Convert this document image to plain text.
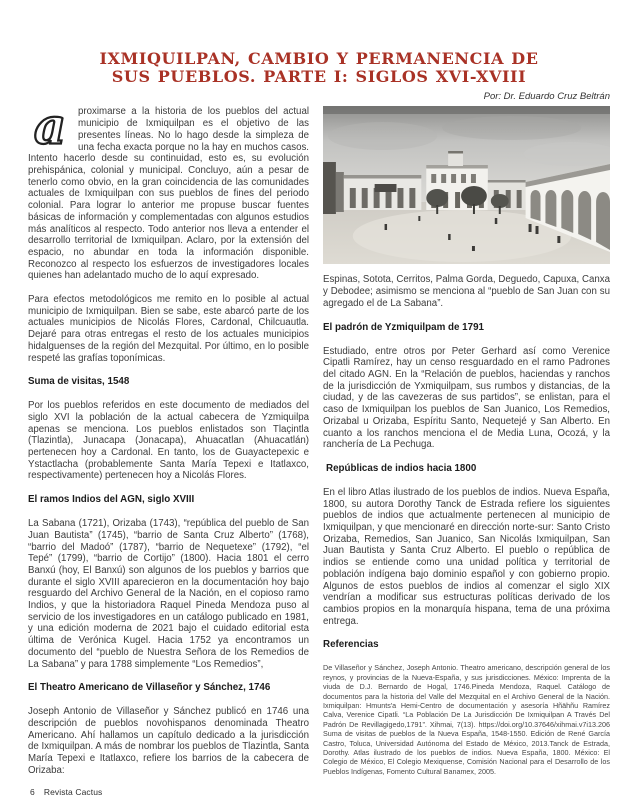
IXMIQUILPAN, CAMBIO Y PERMANENCIA DE
SUS PUEBLOS. PARTE I: SIGLOS XVI-XVIII
Por: Dr. Eduardo Cruz Beltrán

a proximarse a la historia de los pueblos del actual municipio de Ixmiquilpan es el objetivo de las presentes líneas. No lo hago desde la simpleza de una fecha exacta porque no la hay en muchos casos. Intento hacerlo desde su continuidad, esto es, su evolución prehispánica, colonial y municipal. Concluyo, aún a pesar de tenerlo como obvio, en la gran coincidencia de las comunidades actuales de Ixmiquilpan con sus pueblos de fines del periodo colonial. Para lograr lo anterior me propuse buscar fuentes básicas de información y complementadas con algunos estudios más analíticos al respecto. Todo anterior nos lleva a entender el desarrollo territorial de Ixmiquilpan. Aclaro, por la extensión del espacio, no abundar en toda la información disponible. Reconozco al respecto los esfuerzos de investigadores locales quienes han adelantado mucho de lo aquí expresado.

Para efectos metodológicos me remito en lo posible al actual municipio de Ixmiquilpan. Bien se sabe, este abarcó parte de los actuales municipios de Nicolás Flores, Cardonal, Chilcuautla. Dejaré para otras entregas el resto de los actuales municipios hidalguenses de la región del Mezquital. Por último, en lo posible respeté las grafías toponímicas.

Suma de visitas, 1548

Por los pueblos referidos en este documento de mediados del siglo XVI la población de la actual cabecera de Yzmiquilpa apenas se menciona. Los pueblos enlistados son Tlaçintla (Tlazintla), Junacapa (Jonacapa), Ahuacatlan (Ahuacatlán) pertenecen hoy a Cardonal. En tanto, los de Guayactepexic e Ystactlacha (probablemente Santa María Tepexi e Itatlaxco, respectivamente) pertenecen hoy a Nicolás Flores.

El ramos Indios del AGN, siglo XVIII

La Sabana (1721), Orizaba (1743), “república del pueblo de San Juan Bautista” (1745), “barrio de Santa Cruz Alberto” (1768), “barrio del Madoó” (1787), “barrio de Nequetexe” (1792), “el Tepé” (1799), “barrio de Cortijo” (1800). Hacia 1801 el cerro Banxú (hoy, El Banxú) son algunos de los pueblos y barrios que durante el siglo XVIII aparecieron en la documentación hoy bajo resguardo del Archivo General de la Nación, en el copioso ramo Indios, y que la historiadora Raquel Pineda Mendoza puso al servicio de los investigadores en un catálogo publicado en 1981, y una edición moderna de 2021 bajo el cuidado editorial esta última de Verónica Kugel. Hacia 1752 ya encontramos un documento del “pueblo de Nuestra Señora de los Remedios de La Sabana” y para 1788 simplemente “Los Remedios”,

El Theatro Americano de Villaseñor y Sánchez, 1746

Joseph Antonio de Villaseñor y Sánchez publicó en 1746 una descripción de pueblos novohispanos denominada Theatro Americano. Ahí hallamos un capítulo dedicado a la jurisdicción de Ixmiquilpan. A más de nombrar los pueblos de Tlazintla, Santa María Tepexi e Itatlaxco, refiere los barrios de la cabecera de Orizaba:

Espinas, Sotota, Cerritos, Palma Gorda, Deguedo, Capuxa, Canxa y Debodee; asimismo se menciona al “pueblo de San Juan con su agregado el de La Sabana”.

El padrón de Yzmiquilpam de 1791

Estudiado, entre otros por Peter Gerhard así como Verenice Cipatli Ramírez, hay un censo resguardado en el ramo Padrones del citado AGN. En la “Relación de pueblos, haciendas y ranchos de la jurisdicción de Yxmiquilpam, sus rumbos y distancias, de la ciudad, y de las cavezeras de sus partidos”, se enlistan, para el caso de Ixmiquilpan los pueblos de San Juanico, Los Remedios, Orizabal u Orizaba, Espíritu Santo, Nequetejé y San Alberto. En cuanto a los ranchos menciona el de Media Luna, Ocozá, y la ranchería de La Pechuga.

Repúblicas de indios hacia 1800

En el libro Atlas ilustrado de los pueblos de indios. Nueva España, 1800, su autora Dorothy Tanck de Estrada refiere los siguientes pueblos de indios que actualmente pertenecen al municipio de Ixmiquilpan, y que mencionaré en dirección norte-sur: Santo Cristo Orizaba, Remedios, San Juanico, San Nicolás Ixmiquilpan, San Juan Bautista y Santa Cruz Alberto. El pueblo o república de indios se entiende como una unidad política y territorial de población indígena bajo dominio español y con gobierno propio. Algunos de estos pueblos de indios al comenzar el siglo XIX vendrían a modificar sus estructuras políticas derivado de los cambios propios en la monarquía hispana, tema de una próxima entrega.

Referencias

De Villaseñor y Sánchez, Joseph Antonio. Theatro americano, descripción general de los reynos, y provincias de la Nueva-España, y sus jurisdicciones. México: Imprenta de la viuda de D.J. Bernardo de Hogal, 1746.Pineda Mendoza, Raquel. Catálogo de documentos para la historia del Valle del Mezquital en el Archivo General de la Nación. Ixmiquilpan: Hmunts'a Hemi-Centro de documentación y asesoría Hñähñu Ramírez Calva, Verenice Cipatli. “La Población De La Jurisdicción De Ixmiquilpan A Través Del Padrón De Revillagigedo,1791”. Xihmai, 7(13). https://doi.org/10.37646/xihmai.v7i13.206 Suma de visitas de pueblos de la Nueva España, 1548-1550. Edición de René García Castro, Toluca, Universidad Autónoma del Estado de México, 2013.Tanck de Estrada, Dorothy. Atlas ilustrado de los pueblos de indios. Nueva España, 1800. México: El Colegio de México, El Colegio Mexiquense, Comisión Nacional para el Desarrollo de los Pueblos Indígenas, Fomento Cultural Banamex, 2005.

6 Revista Cactus
